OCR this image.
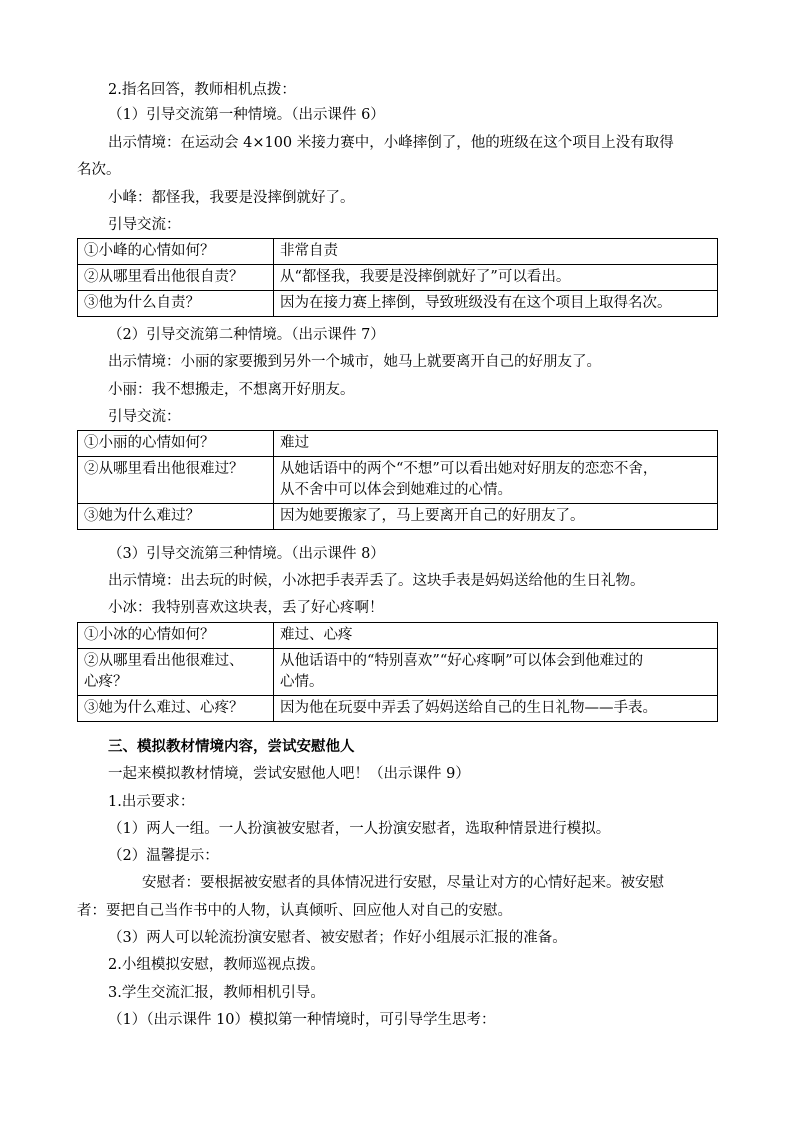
2.指名回答，教师相机点拨：
（1）引导交流第一种情境。（出示课件 6）
出示情境：在运动会 4×100 米接力赛中，小峰摔倒了，他的班级在这个项目上没有取得
名次。
小峰：都怪我，我要是没摔倒就好了。
引导交流：
①小峰的心情如何？	非常自责

②从哪里看出他很自责？	从“都怪我，我要是没摔倒就好了”可以看出。

③他为什么自责？	因为在接力赛上摔倒，导致班级没有在这个项目上取得名次。
（2）引导交流第二种情境。（出示课件 7）
出示情境：小丽的家要搬到另外一个城市，她马上就要离开自己的好朋友了。
小丽：我不想搬走，不想离开好朋友。
引导交流：
①小丽的心情如何？	难过

②从哪里看出他很难过？	从她话语中的两个“不想”可以看出她对好朋友的恋恋不舍，
从不舍中可以体会到她难过的心情。

③她为什么难过？	因为她要搬家了，马上要离开自己的好朋友了。
（3）引导交流第三种情境。（出示课件 8）
出示情境：出去玩的时候，小冰把手表弄丢了。这块手表是妈妈送给他的生日礼物。
小冰：我特别喜欢这块表，丢了好心疼啊！
①小冰的心情如何？	难过、心疼

②从哪里看出他很难过、
心疼？	从他话语中的“特别喜欢”“好心疼啊”可以体会到他难过的
心情。

③她为什么难过、心疼？	因为他在玩耍中弄丢了妈妈送给自己的生日礼物——手表。
三、模拟教材情境内容，尝试安慰他人
一起来模拟教材情境，尝试安慰他人吧！（出示课件 9）
1.出示要求：
（1）两人一组。一人扮演被安慰者，一人扮演安慰者，选取种情景进行模拟。
（2）温馨提示：
安慰者：要根据被安慰者的具体情况进行安慰，尽量让对方的心情好起来。被安慰
者：要把自己当作书中的人物，认真倾听、回应他人对自己的安慰。
（3）两人可以轮流扮演安慰者、被安慰者；作好小组展示汇报的准备。
2.小组模拟安慰，教师巡视点拨。
3.学生交流汇报，教师相机引导。
（1）（出示课件 10）模拟第一种情境时，可引导学生思考：
